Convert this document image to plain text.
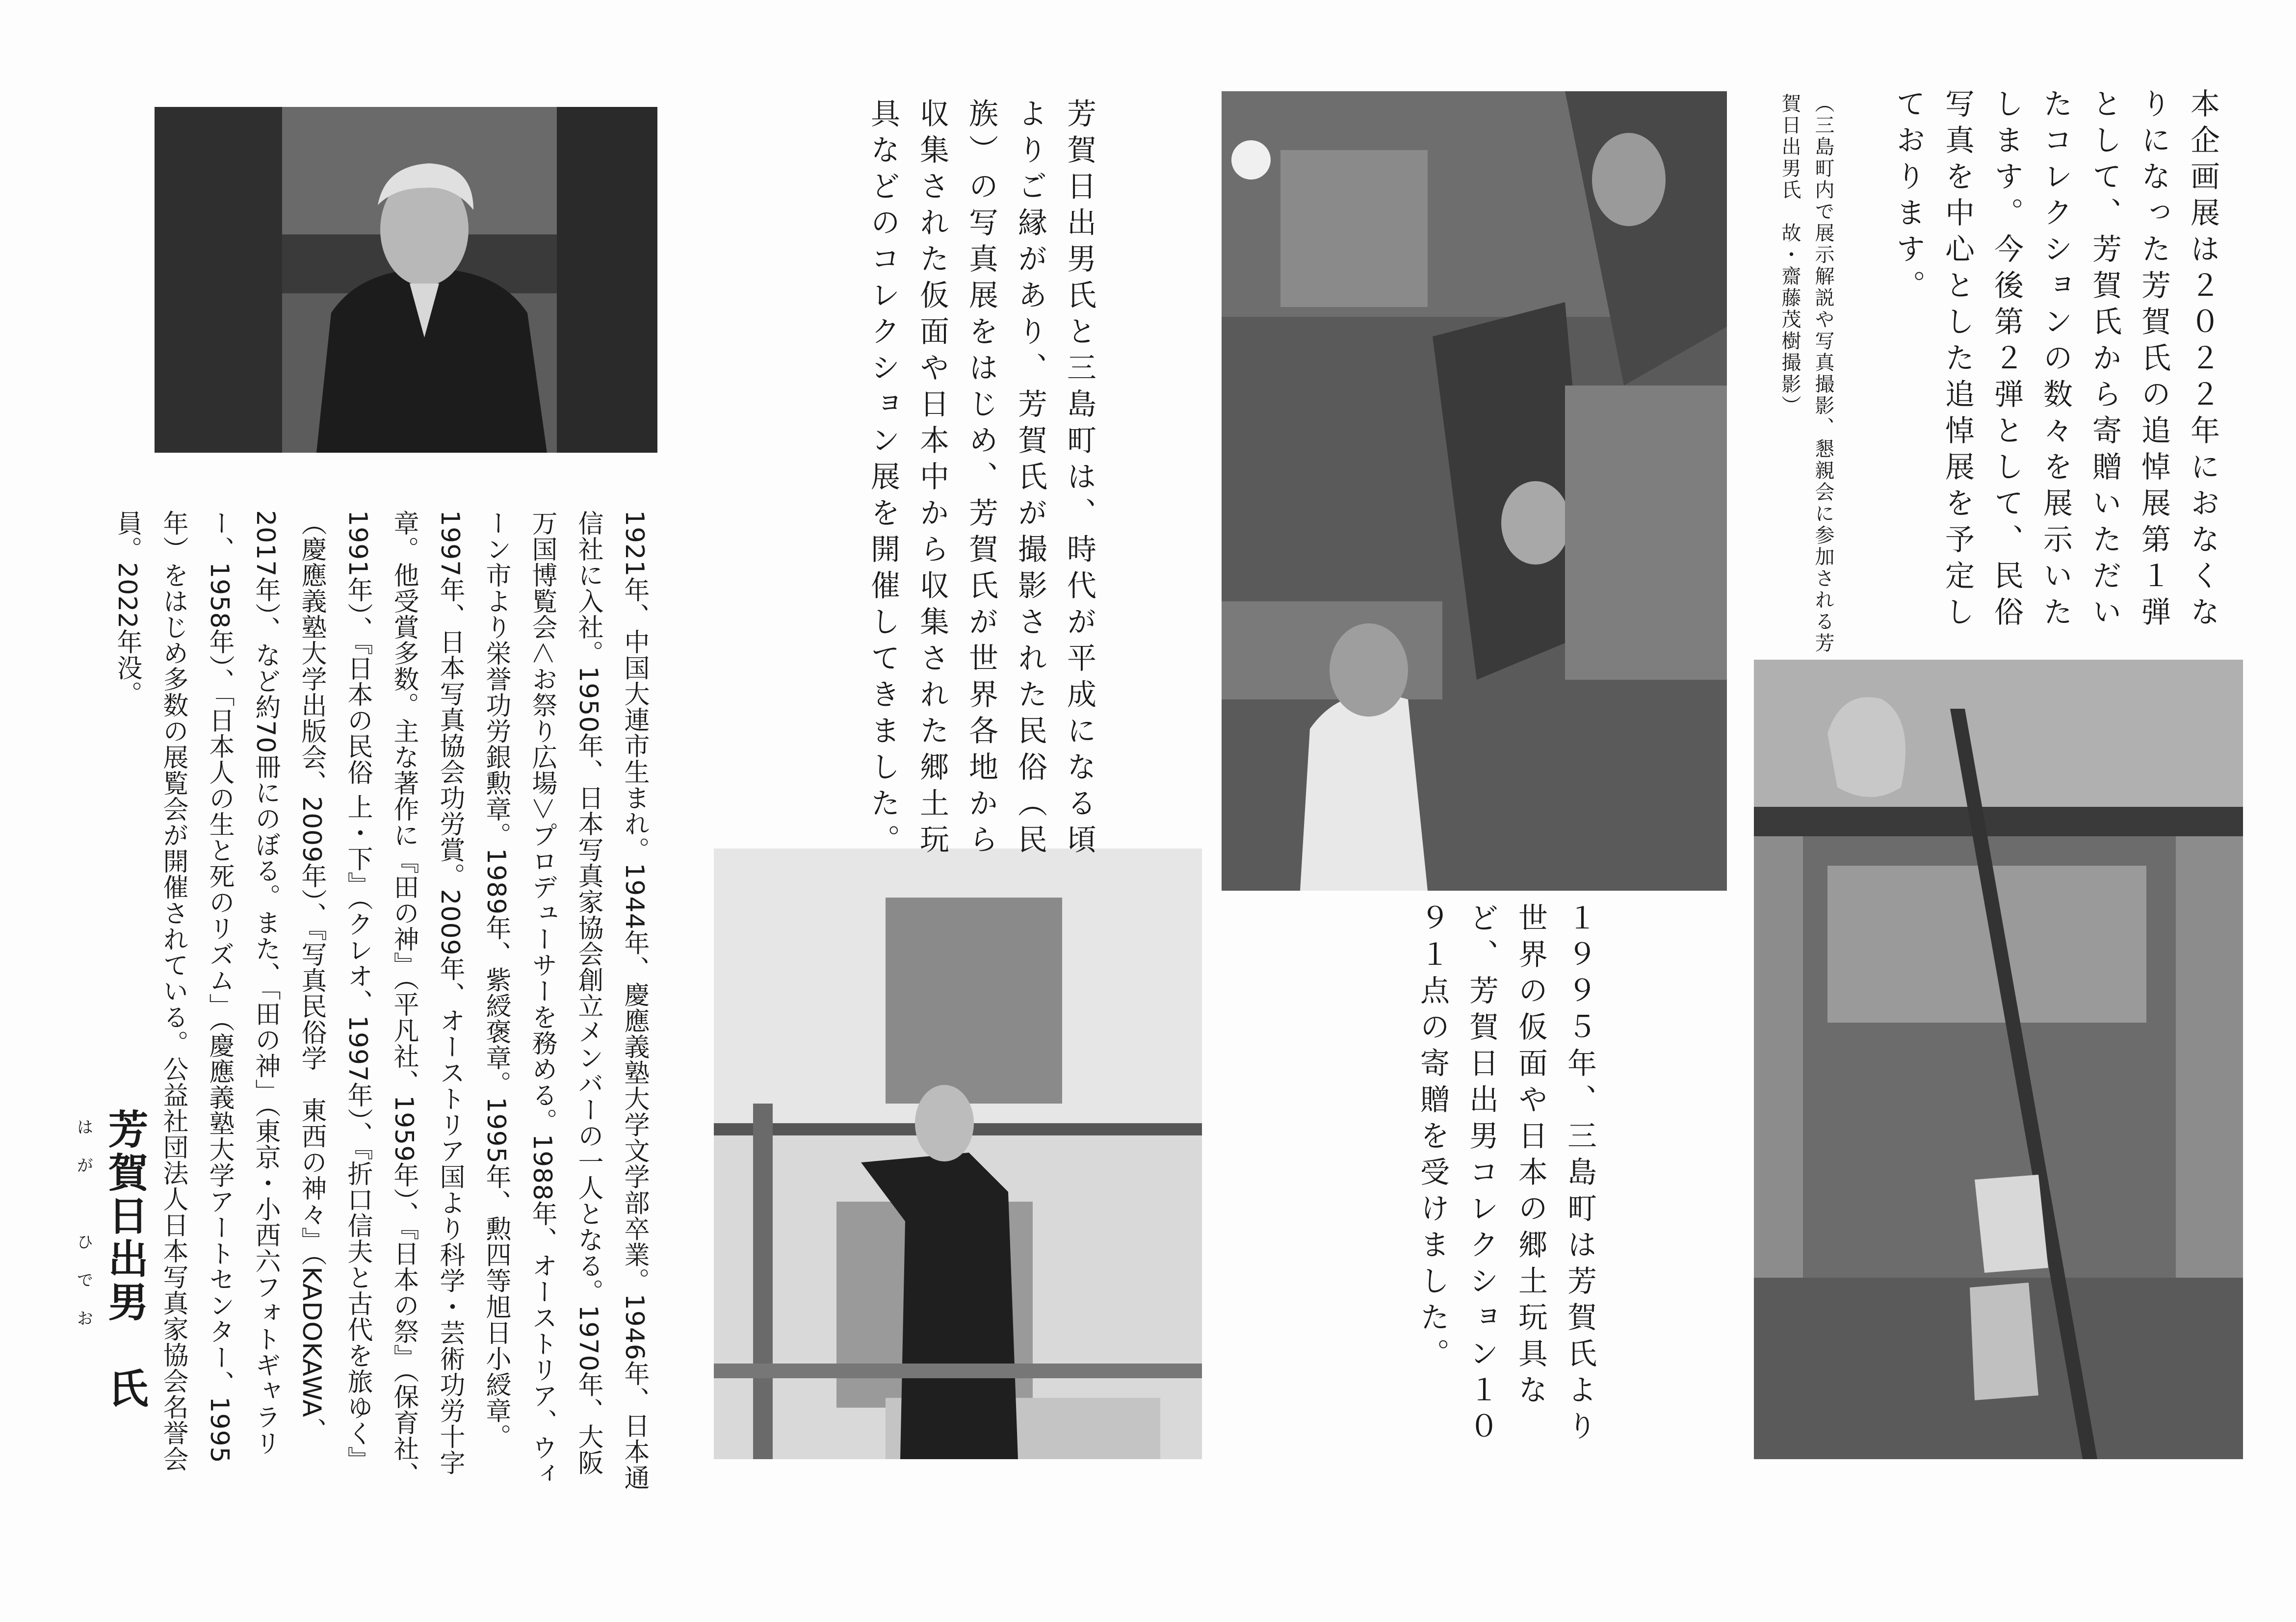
芳賀日出男　氏
はが　ひでお	1921年、中国大連市生まれ。1944年、慶應義塾大学文学部卒業。1946年、日本通信社に入社。1950年、日本写真家協会創立メンバーの一人となる。1970年、大阪万国博覧会＜お祭り広場＞プロデューサーを務める。1988年、オーストリア、ウィーン市より栄誉功労銀勲章。1989年、紫綬褒章。1995年、勲四等旭日小綬章。1997年、日本写真協会功労賞。2009年、オーストリア国より科学・芸術功労十字章。他受賞多数。主な著作に『田の神』（平凡社、1959年）、『日本の祭』（保育社、1991年）、『日本の民俗 上・下』（クレオ、1997年）、『折口信夫と古代を旅ゆく』（慶應義塾大学出版会、2009年）、『写真民俗学　東西の神々』（KADOKAWA、2017年）、など約70冊にのぼる。また、「田の神」（東京・小西六フォトギャラリー、1958年）、「日本人の生と死のリズム」（慶應義塾大学アートセンター、1995年）をはじめ多数の展覧会が開催されている。公益社団法人日本写真家協会名誉会員。2022年没。	芳賀日出男氏と三島町は、時代が平成になる頃よりご縁があり、芳賀氏が撮影された民俗（民族）の写真展をはじめ、芳賀氏が世界各地から収集された仮面や日本中から収集された郷土玩具などのコレクション展を開催してきました。
１９９５年、三島町は芳賀氏より世界の仮面や日本の郷土玩具など、芳賀日出男コレクション１０９１点の寄贈を受けました。
（三島町内で展示解説や写真撮影、懇親会に参加される芳賀日出男氏　故・齋藤茂樹撮影）	本企画展は２０２２年におなくなりになった芳賀氏の追悼展第１弾として、芳賀氏から寄贈いただいたコレクションの数々を展示いたします。今後第２弾として、民俗写真を中心とした追悼展を予定しております。
